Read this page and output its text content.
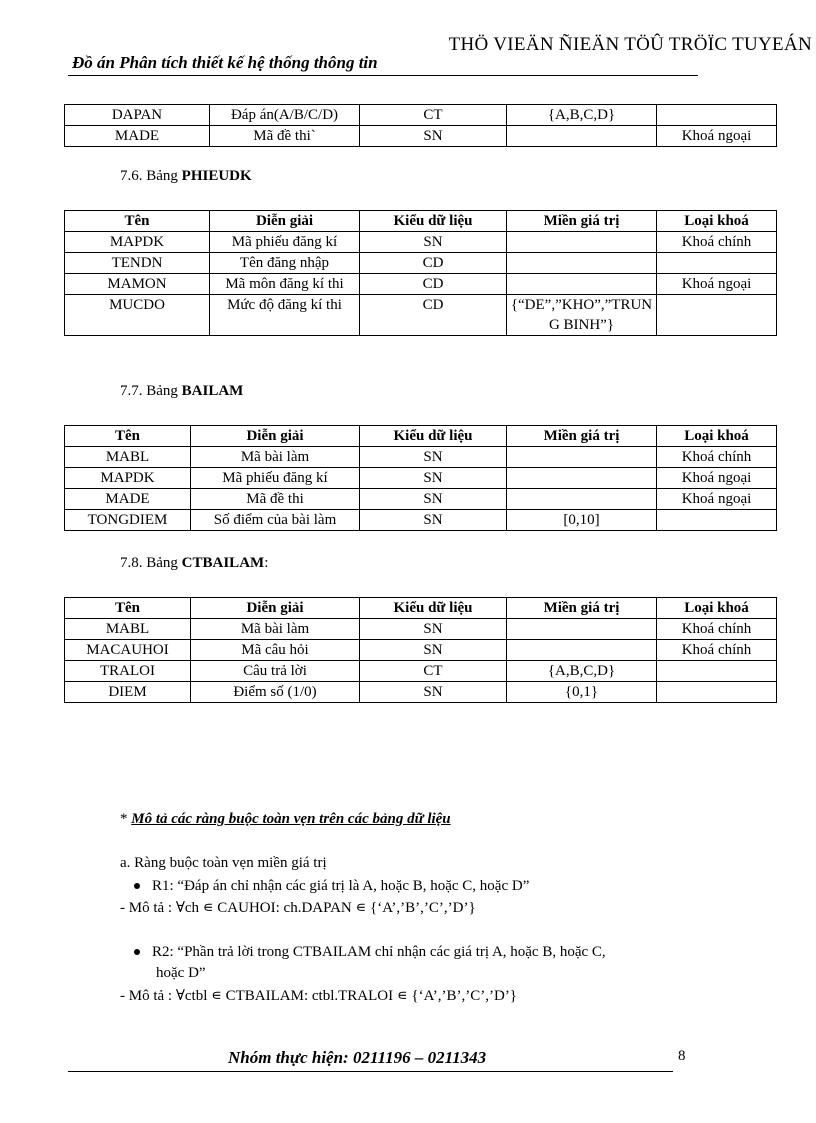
THÖ VIEÄN ÑIEÄN TÖÛ TRÖÏC TUYEÁN
Đồ án Phân tích thiết kế hệ thống thông tin
DAPAN	Đáp án(A/B/C/D)	CT	{A,B,C,D}	
MADE	Mã đề thi`	SN		Khoá ngoại
7.6. Bảng PHIEUDK
Tên	Diễn giải	Kiểu dữ liệu	Miền giá trị	Loại khoá
MAPDK	Mã phiếu đăng kí	SN		Khoá chính
TENDN	Tên đăng nhập	CD		
MAMON	Mã môn đăng kí thi	CD		Khoá ngoại
MUCDO	Mức độ đăng kí thi	CD	{“DE”,”KHO”,”TRUNG BINH”}	
7.7. Bảng BAILAM
Tên	Diễn giải	Kiểu dữ liệu	Miền giá trị	Loại khoá
MABL	Mã bài làm	SN		Khoá chính
MAPDK	Mã phiếu đăng kí	SN		Khoá ngoại
MADE	Mã đề thi	SN		Khoá ngoại
TONGDIEM	Số điểm của bài làm	SN	[0,10]	
7.8. Bảng CTBAILAM:
Tên	Diễn giải	Kiểu dữ liệu	Miền giá trị	Loại khoá
MABL	Mã bài làm	SN		Khoá chính
MACAUHOI	Mã câu hỏi	SN		Khoá chính
TRALOI	Câu trả lời	CT	{A,B,C,D}	
DIEM	Điểm số (1/0)	SN	{0,1}	
* Mô tả các ràng buộc toàn vẹn trên các bảng dữ liệu
a. Ràng buộc toàn vẹn miền giá trị
R1: “Đáp án chỉ nhận các giá trị là A, hoặc B, hoặc C, hoặc D”
- Mô tả : ∀ch ∊ CAUHOI: ch.DAPAN ∊ {‘A’,’B’,’C’,’D’}
R2: “Phần trả lời trong CTBAILAM chỉ nhận các giá trị A, hoặc B, hoặc C,
hoặc D”
- Mô tả : ∀ctbl ∊ CTBAILAM: ctbl.TRALOI ∊ {‘A’,’B’,’C’,’D’}
Nhóm thực hiện: 0211196 – 0211343	8
